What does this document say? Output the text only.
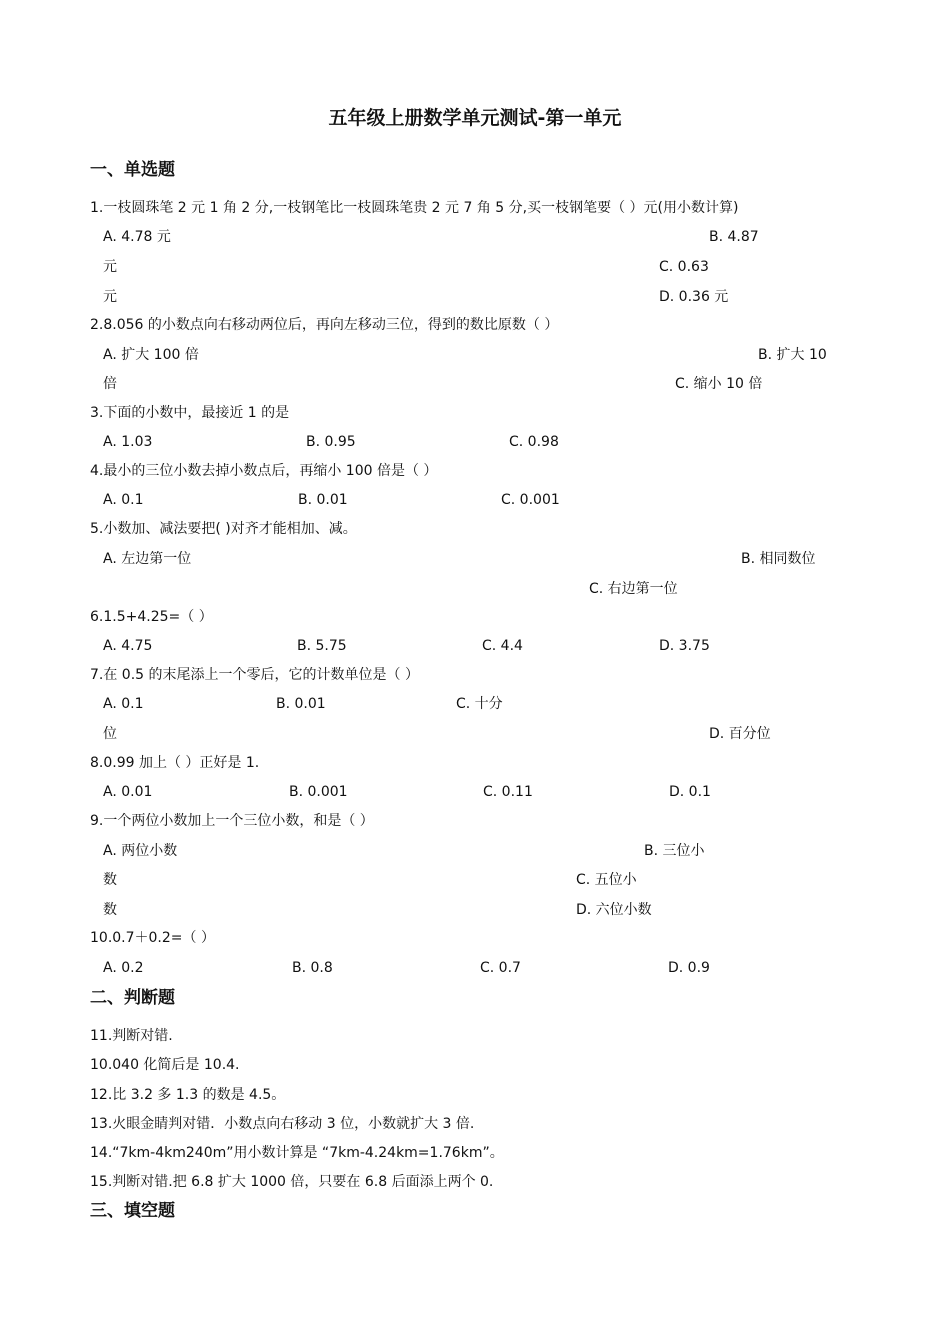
五年级上册数学单元测试-第一单元
一、单选题
1.一枝圆珠笔 2 元 1 角 2 分,一枝钢笔比一枝圆珠笔贵 2 元 7 角 5 分,买一枝钢笔要（ ）元(用小数计算)
A. 4.78 元	B. 4.87
元	C. 0.63
元	D. 0.36 元
2.8.056 的小数点向右移动两位后，再向左移动三位，得到的数比原数（ ）
A. 扩大 100 倍	B. 扩大 10
倍	C. 缩小 10 倍
3.下面的小数中，最接近 1 的是
A. 1.03	B. 0.95	C. 0.98
4.最小的三位小数去掉小数点后，再缩小 100 倍是（ ）
A. 0.1	B. 0.01	C. 0.001
5.小数加、减法要把( )对齐才能相加、减。
A. 左边第一位	B. 相同数位
C. 右边第一位
6.1.5+4.25=（ ）
A. 4.75	B. 5.75	C. 4.4	D. 3.75
7.在 0.5 的末尾添上一个零后，它的计数单位是（ ）
A. 0.1	B. 0.01	C. 十分
位	D. 百分位
8.0.99 加上（ ）正好是 1.
A. 0.01	B. 0.001	C. 0.11	D. 0.1
9.一个两位小数加上一个三位小数，和是（ ）
A. 两位小数	B. 三位小
数	C. 五位小
数	D. 六位小数
10.0.7＋0.2=（ ）
A. 0.2	B. 0.8	C. 0.7	D. 0.9
二、判断题
11.判断对错.
10.040 化简后是 10.4.
12.比 3.2 多 1.3 的数是 4.5。
13.火眼金睛判对错．小数点向右移动 3 位，小数就扩大 3 倍.
14.“7km-4km240m”用小数计算是 “7km-4.24km=1.76km”。
15.判断对错.把 6.8 扩大 1000 倍，只要在 6.8 后面添上两个 0.
三、填空题
